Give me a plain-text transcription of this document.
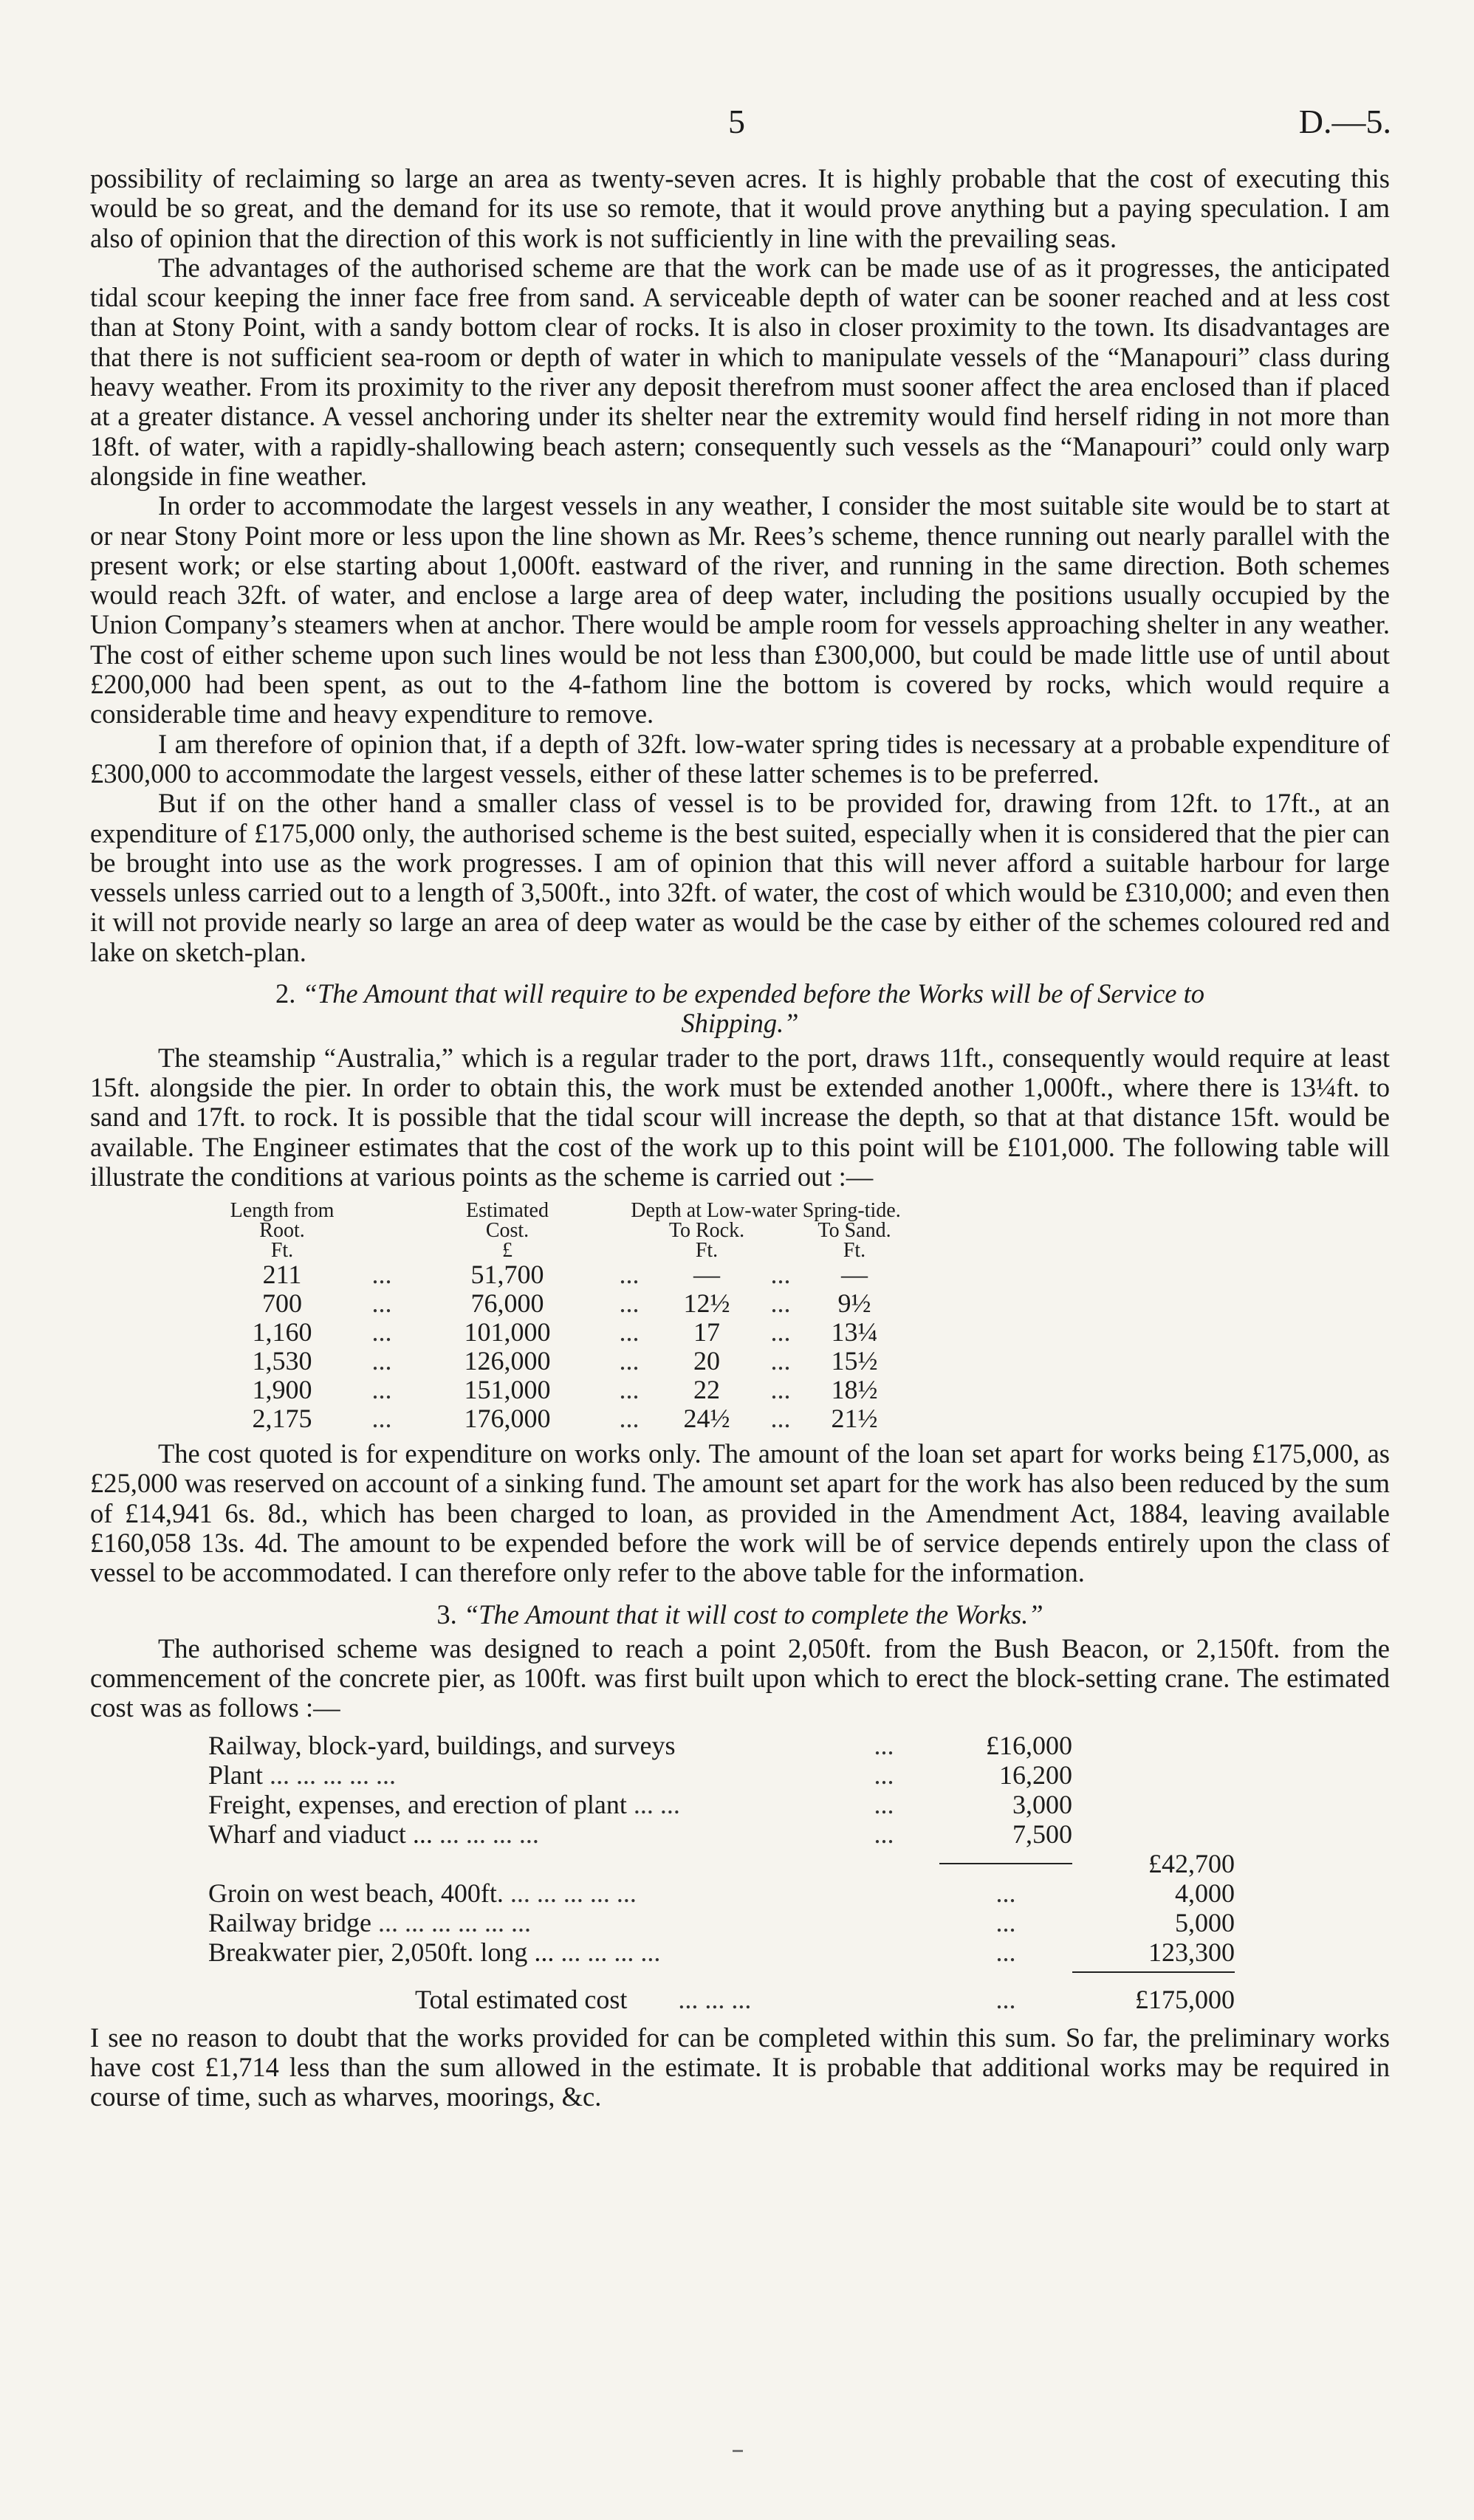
5	D.—5.

possibility of reclaiming so large an area as twenty-seven acres. It is highly probable that the cost of executing this would be so great, and the demand for its use so remote, that it would prove anything but a paying speculation. I am also of opinion that the direction of this work is not sufficiently in line with the prevailing seas.

The advantages of the authorised scheme are that the work can be made use of as it progresses, the anticipated tidal scour keeping the inner face free from sand. A serviceable depth of water can be sooner reached and at less cost than at Stony Point, with a sandy bottom clear of rocks. It is also in closer proximity to the town. Its disadvantages are that there is not sufficient sea-room or depth of water in which to manipulate vessels of the “Manapouri” class during heavy weather. From its proximity to the river any deposit therefrom must sooner affect the area enclosed than if placed at a greater distance. A vessel anchoring under its shelter near the extremity would find herself riding in not more than 18ft. of water, with a rapidly-shallowing beach astern; consequently such vessels as the “Manapouri” could only warp alongside in fine weather.

In order to accommodate the largest vessels in any weather, I consider the most suitable site would be to start at or near Stony Point more or less upon the line shown as Mr. Rees’s scheme, thence running out nearly parallel with the present work; or else starting about 1,000ft. eastward of the river, and running in the same direction. Both schemes would reach 32ft. of water, and enclose a large area of deep water, including the positions usually occupied by the Union Company’s steamers when at anchor. There would be ample room for vessels approaching shelter in any weather. The cost of either scheme upon such lines would be not less than £300,000, but could be made little use of until about £200,000 had been spent, as out to the 4-fathom line the bottom is covered by rocks, which would require a considerable time and heavy expenditure to remove.

I am therefore of opinion that, if a depth of 32ft. low-water spring tides is necessary at a probable expenditure of £300,000 to accommodate the largest vessels, either of these latter schemes is to be preferred.

But if on the other hand a smaller class of vessel is to be provided for, drawing from 12ft. to 17ft., at an expenditure of £175,000 only, the authorised scheme is the best suited, especially when it is considered that the pier can be brought into use as the work progresses. I am of opinion that this will never afford a suitable harbour for large vessels unless carried out to a length of 3,500ft., into 32ft. of water, the cost of which would be £310,000; and even then it will not provide nearly so large an area of deep water as would be the case by either of the schemes coloured red and lake on sketch-plan.

2. “The Amount that will require to be expended before the Works will be of Service to
Shipping.”

The steamship “Australia,” which is a regular trader to the port, draws 11ft., consequently would require at least 15ft. alongside the pier. In order to obtain this, the work must be extended another 1,000ft., where there is 13¼ft. to sand and 17ft. to rock. It is possible that the tidal scour will increase the depth, so that at that distance 15ft. would be available. The Engineer estimates that the cost of the work up to this point will be £101,000. The following table will illustrate the conditions at various points as the scheme is carried out :—

Length from		Estimated	Depth at Low-water Spring-tide.				
Root.		Cost.		To Rock.		To Sand.	
Ft.		£		Ft.		Ft.	
211	...	51,700	...	—	...	—	
700	...	76,000	...	12½	...	9½	
1,160	...	101,000	...	17	...	13¼	
1,530	...	126,000	...	20	...	15½	
1,900	...	151,000	...	22	...	18½	
2,175	...	176,000	...	24½	...	21½	

The cost quoted is for expenditure on works only. The amount of the loan set apart for works being £175,000, as £25,000 was reserved on account of a sinking fund. The amount set apart for the work has also been reduced by the sum of £14,941 6s. 8d., which has been charged to loan, as provided in the Amendment Act, 1884, leaving available £160,058 13s. 4d. The amount to be expended before the work will be of service depends entirely upon the class of vessel to be accommodated. I can therefore only refer to the above table for the information.

3. “The Amount that it will cost to complete the Works.”

The authorised scheme was designed to reach a point 2,050ft. from the Bush Beacon, or 2,150ft. from the commencement of the concrete pier, as 100ft. was first built upon which to erect the block-setting crane. The estimated cost was as follows :—

Railway, block-yard, buildings, and surveys	...	£16,000	
Plant ... ... ... ... ...	...	16,200	
Freight, expenses, and erection of plant ... ...	...	3,000	
Wharf and viaduct ... ... ... ... ...	...	7,500	

	£42,700
Groin on west beach, 400ft. ... ... ... ... ...		...	4,000
Railway bridge ... ... ... ... ... ...		...	5,000
Breakwater pier, 2,050ft. long ... ... ... ... ...		...	123,300

Total estimated cost ... ... ...		...	£175,000

I see no reason to doubt that the works provided for can be completed within this sum. So far, the preliminary works have cost £1,714 less than the sum allowed in the estimate. It is probable that additional works may be required in course of time, such as wharves, moorings, &c.
